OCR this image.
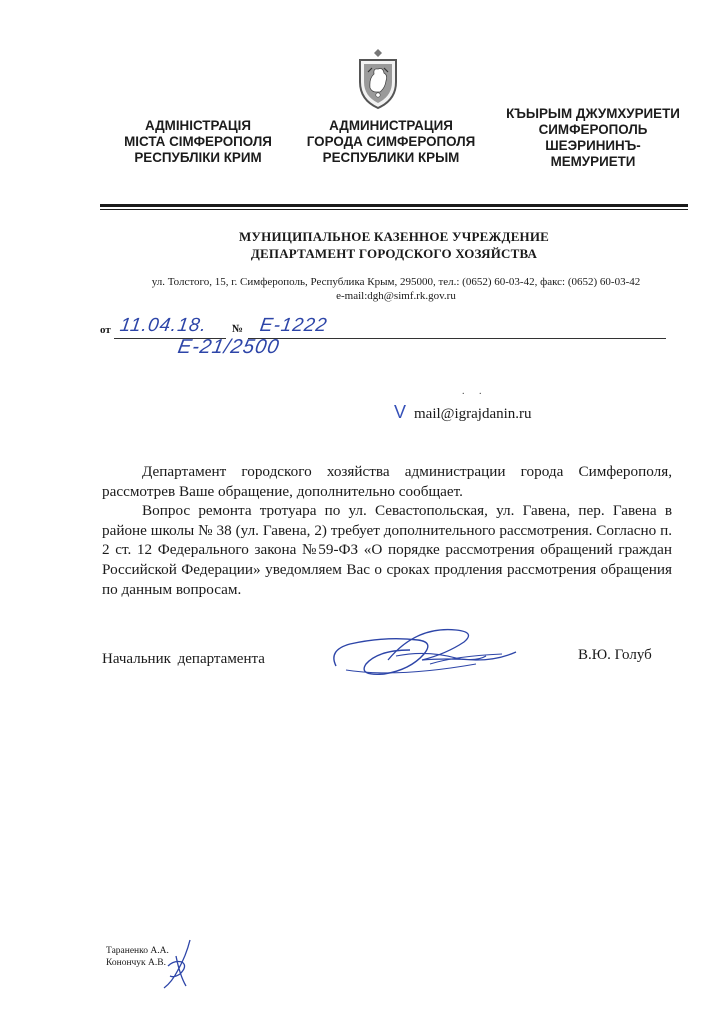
АДМІНІСТРАЦІЯ
МІСТА СІМФЕРОПОЛЯ
РЕСПУБЛІКИ КРИМ
АДМИНИСТРАЦИЯ
ГОРОДА СИМФЕРОПОЛЯ
РЕСПУБЛИКИ КРЫМ
КЪЫРЫМ ДЖУМХУРИЕТИ
СИМФЕРОПОЛЬ
ШЕЭРИНИНЪ-
МЕМУРИЕТИ
МУНИЦИПАЛЬНОЕ КАЗЕННОЕ УЧРЕЖДЕНИЕ
ДЕПАРТАМЕНТ ГОРОДСКОГО ХОЗЯЙСТВА
ул. Толстого, 15, г. Симферополь, Республика Крым, 295000, тел.: (0652) 60-03-42, факс: (0652) 60-03-42
e-mail:dgh@simf.rk.gov.ru
от	№
11.04.18.	Е-1222
Е-21/2500
. .
V mail@igrajdanin.ru

Департамент городского хозяйства администрации города Симферополя, рассмотрев Ваше обращение, дополнительно сообщает.

Вопрос ремонта тротуара по ул. Севастопольская, ул. Гавена, пер. Гавена в районе школы № 38 (ул. Гавена, 2) требует дополнительного рассмотрения. Согласно п. 2 ст. 12 Федерального закона №59-ФЗ «О порядке рассмотрения обращений граждан Российской Федерации» уведомляем Вас о сроках продления рассмотрения обращения по данным вопросам.

Начальник департамента	В.Ю. Голуб
Тараненко А.А.
Конончук А.В.
